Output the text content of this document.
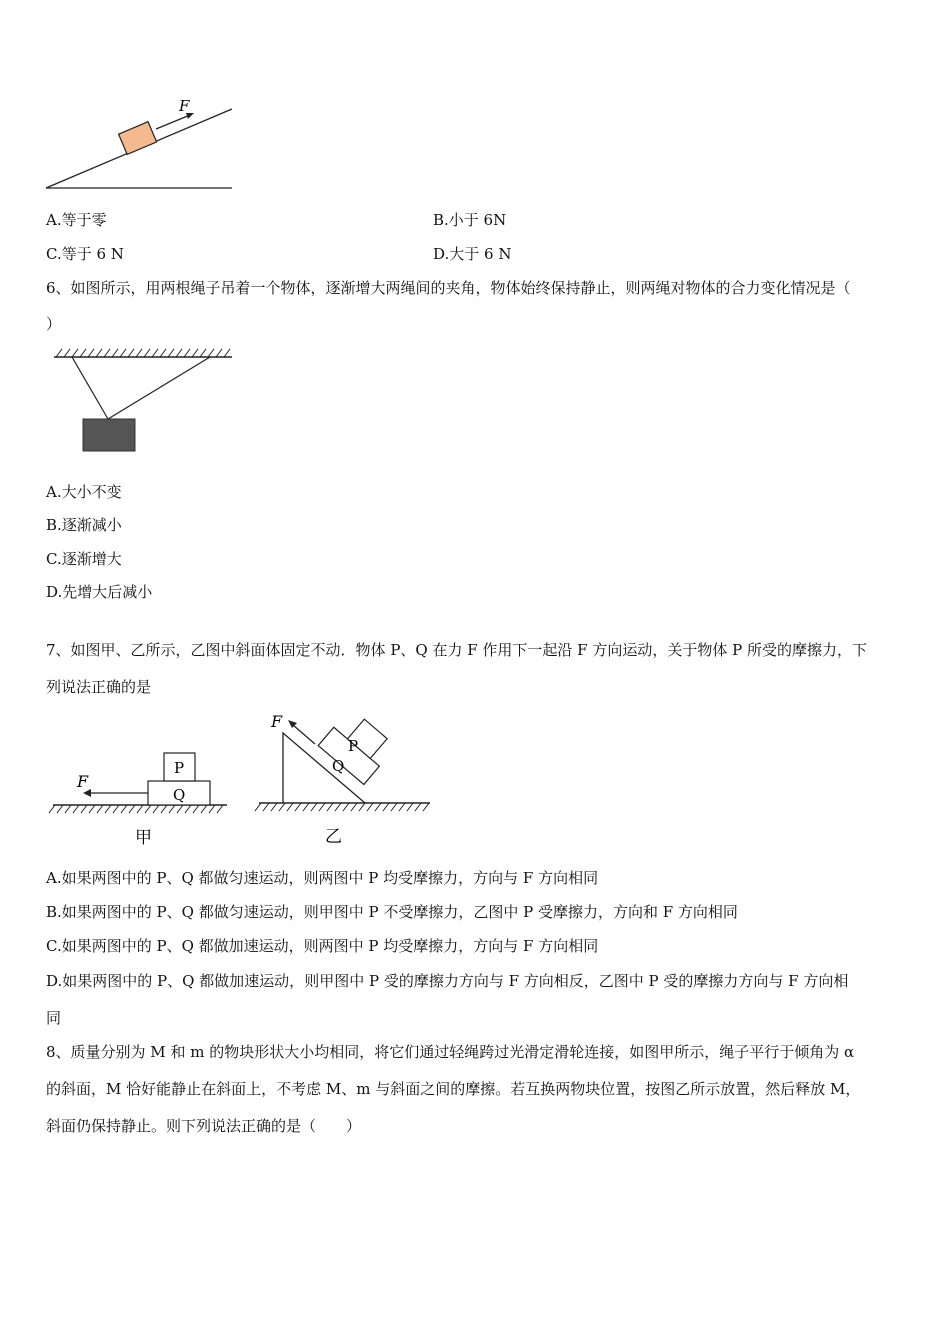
F
A.等于零	B.小于 6N
C.等于 6 N	D.大于 6 N
6、如图所示，用两根绳子吊着一个物体，逐渐增大两绳间的夹角，物体始终保持静止，则两绳对物体的合力变化情况是（
）
A.大小不变
B.逐渐减小
C.逐渐增大
D.先增大后减小
7、如图甲、乙所示，乙图中斜面体固定不动．物体 P、Q 在力 F 作用下一起沿 F 方向运动，关于物体 P 所受的摩擦力，下
列说法正确的是
P
Q
F
甲
Q
P
F
乙
A.如果两图中的 P、Q 都做匀速运动，则两图中 P 均受摩擦力，方向与 F 方向相同
B.如果两图中的 P、Q 都做匀速运动，则甲图中 P 不受摩擦力，乙图中 P 受摩擦力，方向和 F 方向相同
C.如果两图中的 P、Q 都做加速运动，则两图中 P 均受摩擦力，方向与 F 方向相同
D.如果两图中的 P、Q 都做加速运动，则甲图中 P 受的摩擦力方向与 F 方向相反，乙图中 P 受的摩擦力方向与 F 方向相
同
8、质量分别为 M 和 m 的物块形状大小均相同，将它们通过轻绳跨过光滑定滑轮连接，如图甲所示，绳子平行于倾角为 α
的斜面，M 恰好能静止在斜面上，不考虑 M、m 与斜面之间的摩擦。若互换两物块位置，按图乙所示放置，然后释放 M，
斜面仍保持静止。则下列说法正确的是（　　）
